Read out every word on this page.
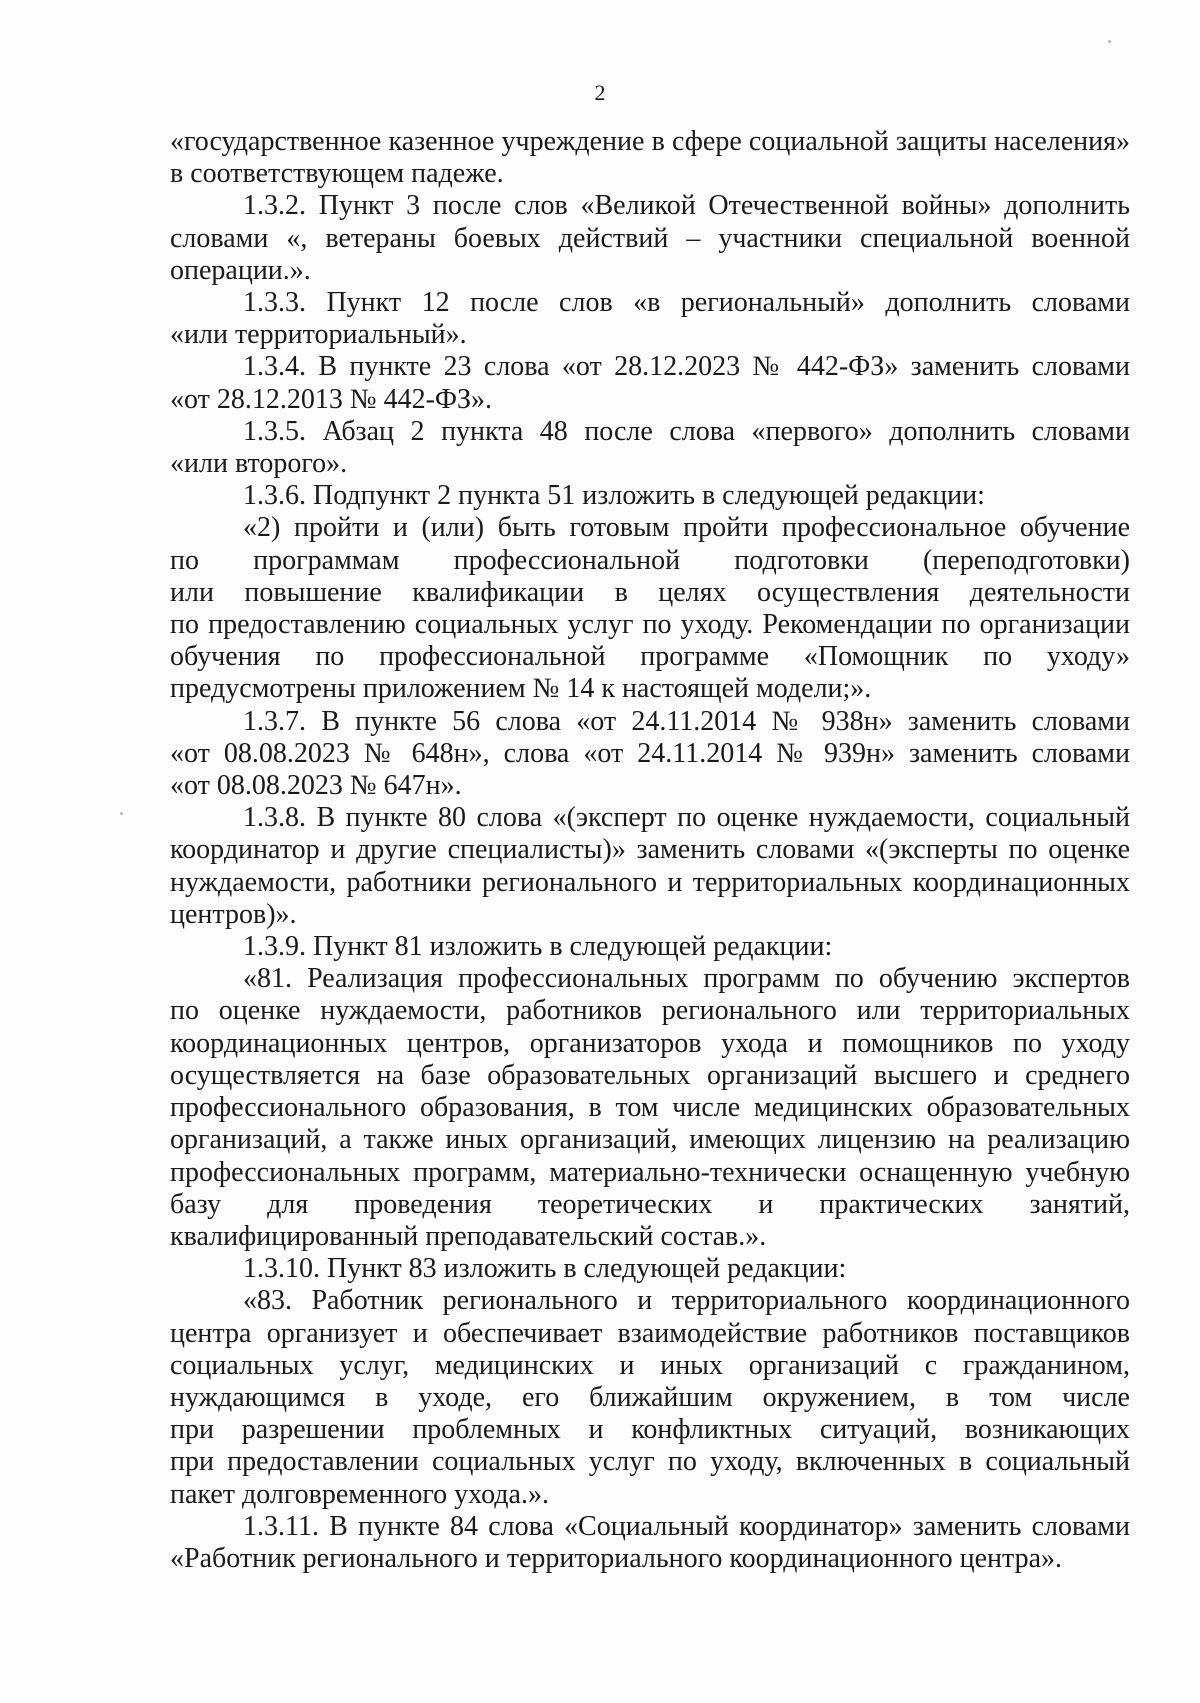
2
«государственное казенное учреждение в сфере социальной защиты населения»
в соответствующем падеже.
1.3.2. Пункт 3 после слов «Великой Отечественной войны» дополнить
словами «, ветераны боевых действий – участники специальной военной
операции.».
1.3.3. Пункт 12 после слов «в региональный» дополнить словами
«или территориальный».
1.3.4. В пункте 23 слова «от 28.12.2023 № 442-ФЗ» заменить словами
«от 28.12.2013 № 442-ФЗ».
1.3.5. Абзац 2 пункта 48 после слова «первого» дополнить словами
«или второго».
1.3.6. Подпункт 2 пункта 51 изложить в следующей редакции:
«2) пройти и (или) быть готовым пройти профессиональное обучение
по программам профессиональной подготовки (переподготовки)
или повышение квалификации в целях осуществления деятельности
по предоставлению социальных услуг по уходу. Рекомендации по организации
обучения по профессиональной программе «Помощник по уходу»
предусмотрены приложением № 14 к настоящей модели;».
1.3.7. В пункте 56 слова «от 24.11.2014 № 938н» заменить словами
«от 08.08.2023 № 648н», слова «от 24.11.2014 № 939н» заменить словами
«от 08.08.2023 № 647н».
1.3.8. В пункте 80 слова «(эксперт по оценке нуждаемости, социальный
координатор и другие специалисты)» заменить словами «(эксперты по оценке
нуждаемости, работники регионального и территориальных координационных
центров)».
1.3.9. Пункт 81 изложить в следующей редакции:
«81. Реализация профессиональных программ по обучению экспертов
по оценке нуждаемости, работников регионального или территориальных
координационных центров, организаторов ухода и помощников по уходу
осуществляется на базе образовательных организаций высшего и среднего
профессионального образования, в том числе медицинских образовательных
организаций, а также иных организаций, имеющих лицензию на реализацию
профессиональных программ, материально-технически оснащенную учебную
базу для проведения теоретических и практических занятий,
квалифицированный преподавательский состав.».
1.3.10. Пункт 83 изложить в следующей редакции:
«83. Работник регионального и территориального координационного
центра организует и обеспечивает взаимодействие работников поставщиков
социальных услуг, медицинских и иных организаций с гражданином,
нуждающимся в уходе, его ближайшим окружением, в том числе
при разрешении проблемных и конфликтных ситуаций, возникающих
при предоставлении социальных услуг по уходу, включенных в социальный
пакет долговременного ухода.».
1.3.11. В пункте 84 слова «Социальный координатор» заменить словами
«Работник регионального и территориального координационного центра».
